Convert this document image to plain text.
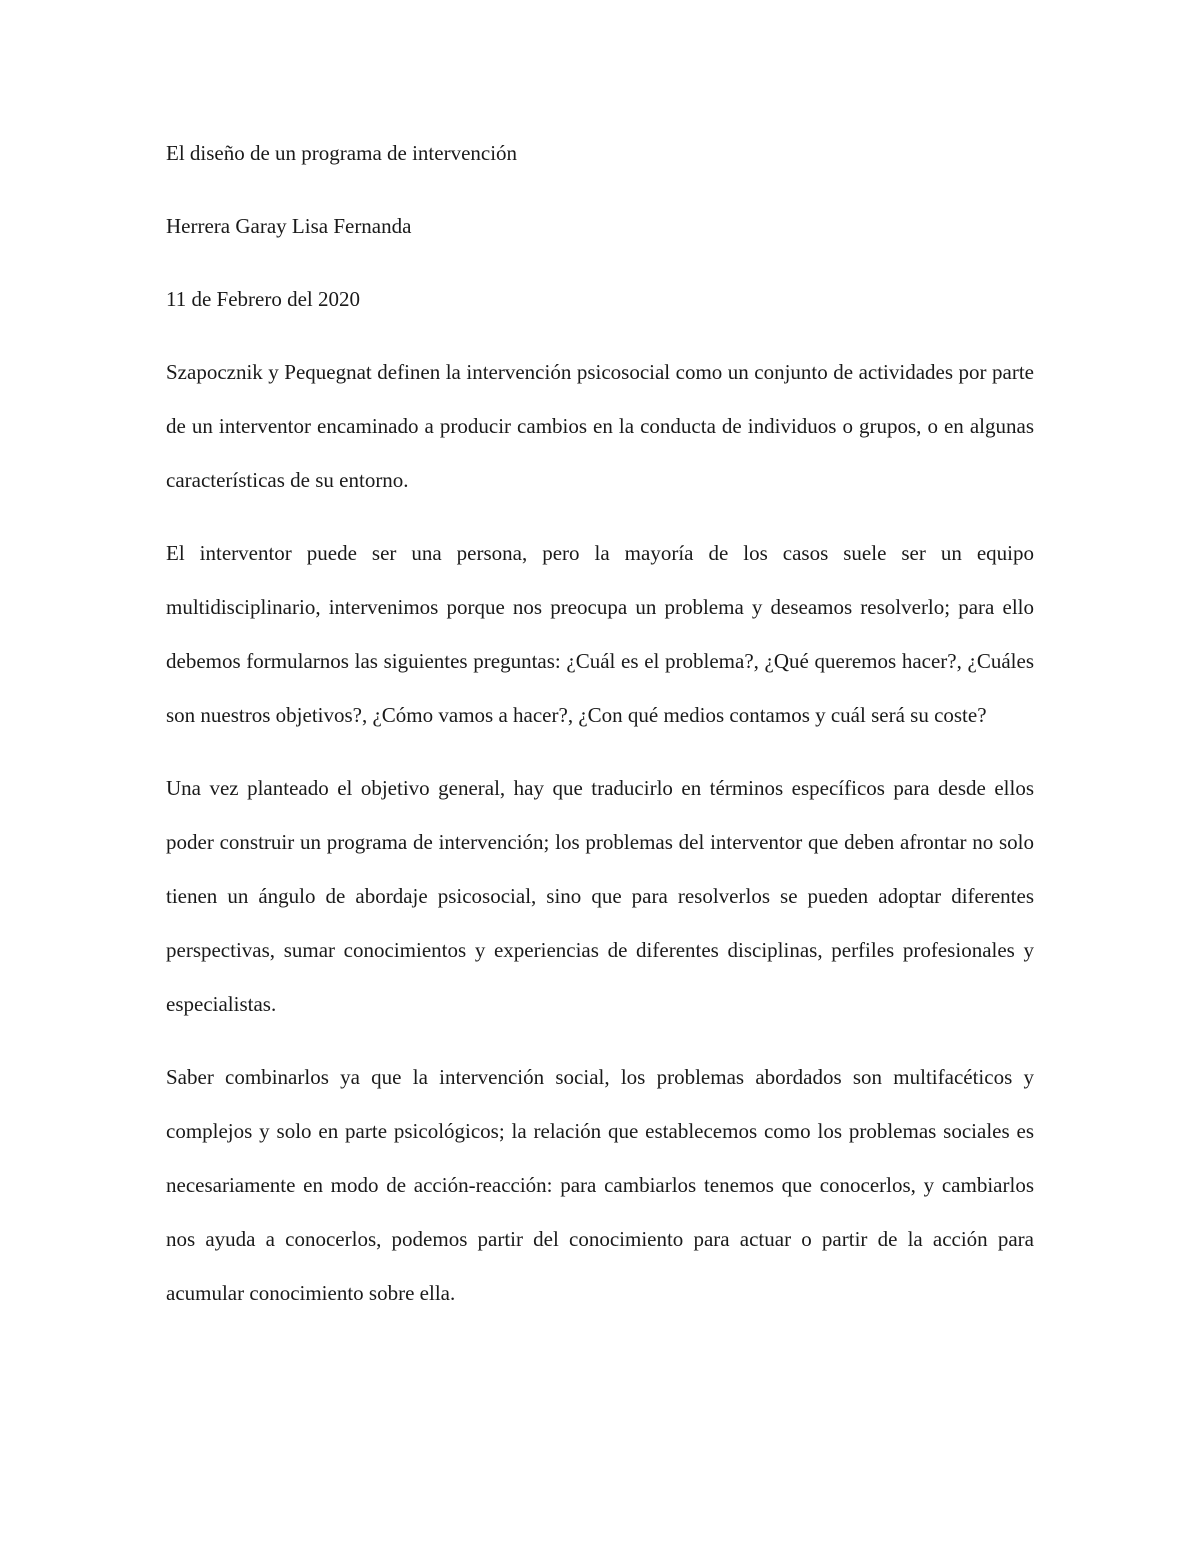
El diseño de un programa de intervención
Herrera Garay Lisa Fernanda
11 de Febrero del 2020

Szapocznik y Pequegnat definen la intervención psicosocial como un conjunto de actividades por parte de un interventor encaminado a producir cambios en la conducta de individuos o grupos, o en algunas características de su entorno.

El interventor puede ser una persona, pero la mayoría de los casos suele ser un equipo multidisciplinario, intervenimos porque nos preocupa un problema y deseamos resolverlo; para ello debemos formularnos las siguientes preguntas: ¿Cuál es el problema?, ¿Qué queremos hacer?, ¿Cuáles son nuestros objetivos?, ¿Cómo vamos a hacer?, ¿Con qué medios contamos y cuál será su coste?

Una vez planteado el objetivo general, hay que traducirlo en términos específicos para desde ellos poder construir un programa de intervención; los problemas del interventor que deben afrontar no solo tienen un ángulo de abordaje psicosocial, sino que para resolverlos se pueden adoptar diferentes perspectivas, sumar conocimientos y experiencias de diferentes disciplinas, perfiles profesionales y especialistas.

Saber combinarlos ya que la intervención social, los problemas abordados son multifacéticos y complejos y solo en parte psicológicos; la relación que establecemos como los problemas sociales es necesariamente en modo de acción-reacción: para cambiarlos tenemos que conocerlos, y cambiarlos nos ayuda a conocerlos, podemos partir del conocimiento para actuar o partir de la acción para acumular conocimiento sobre ella.
